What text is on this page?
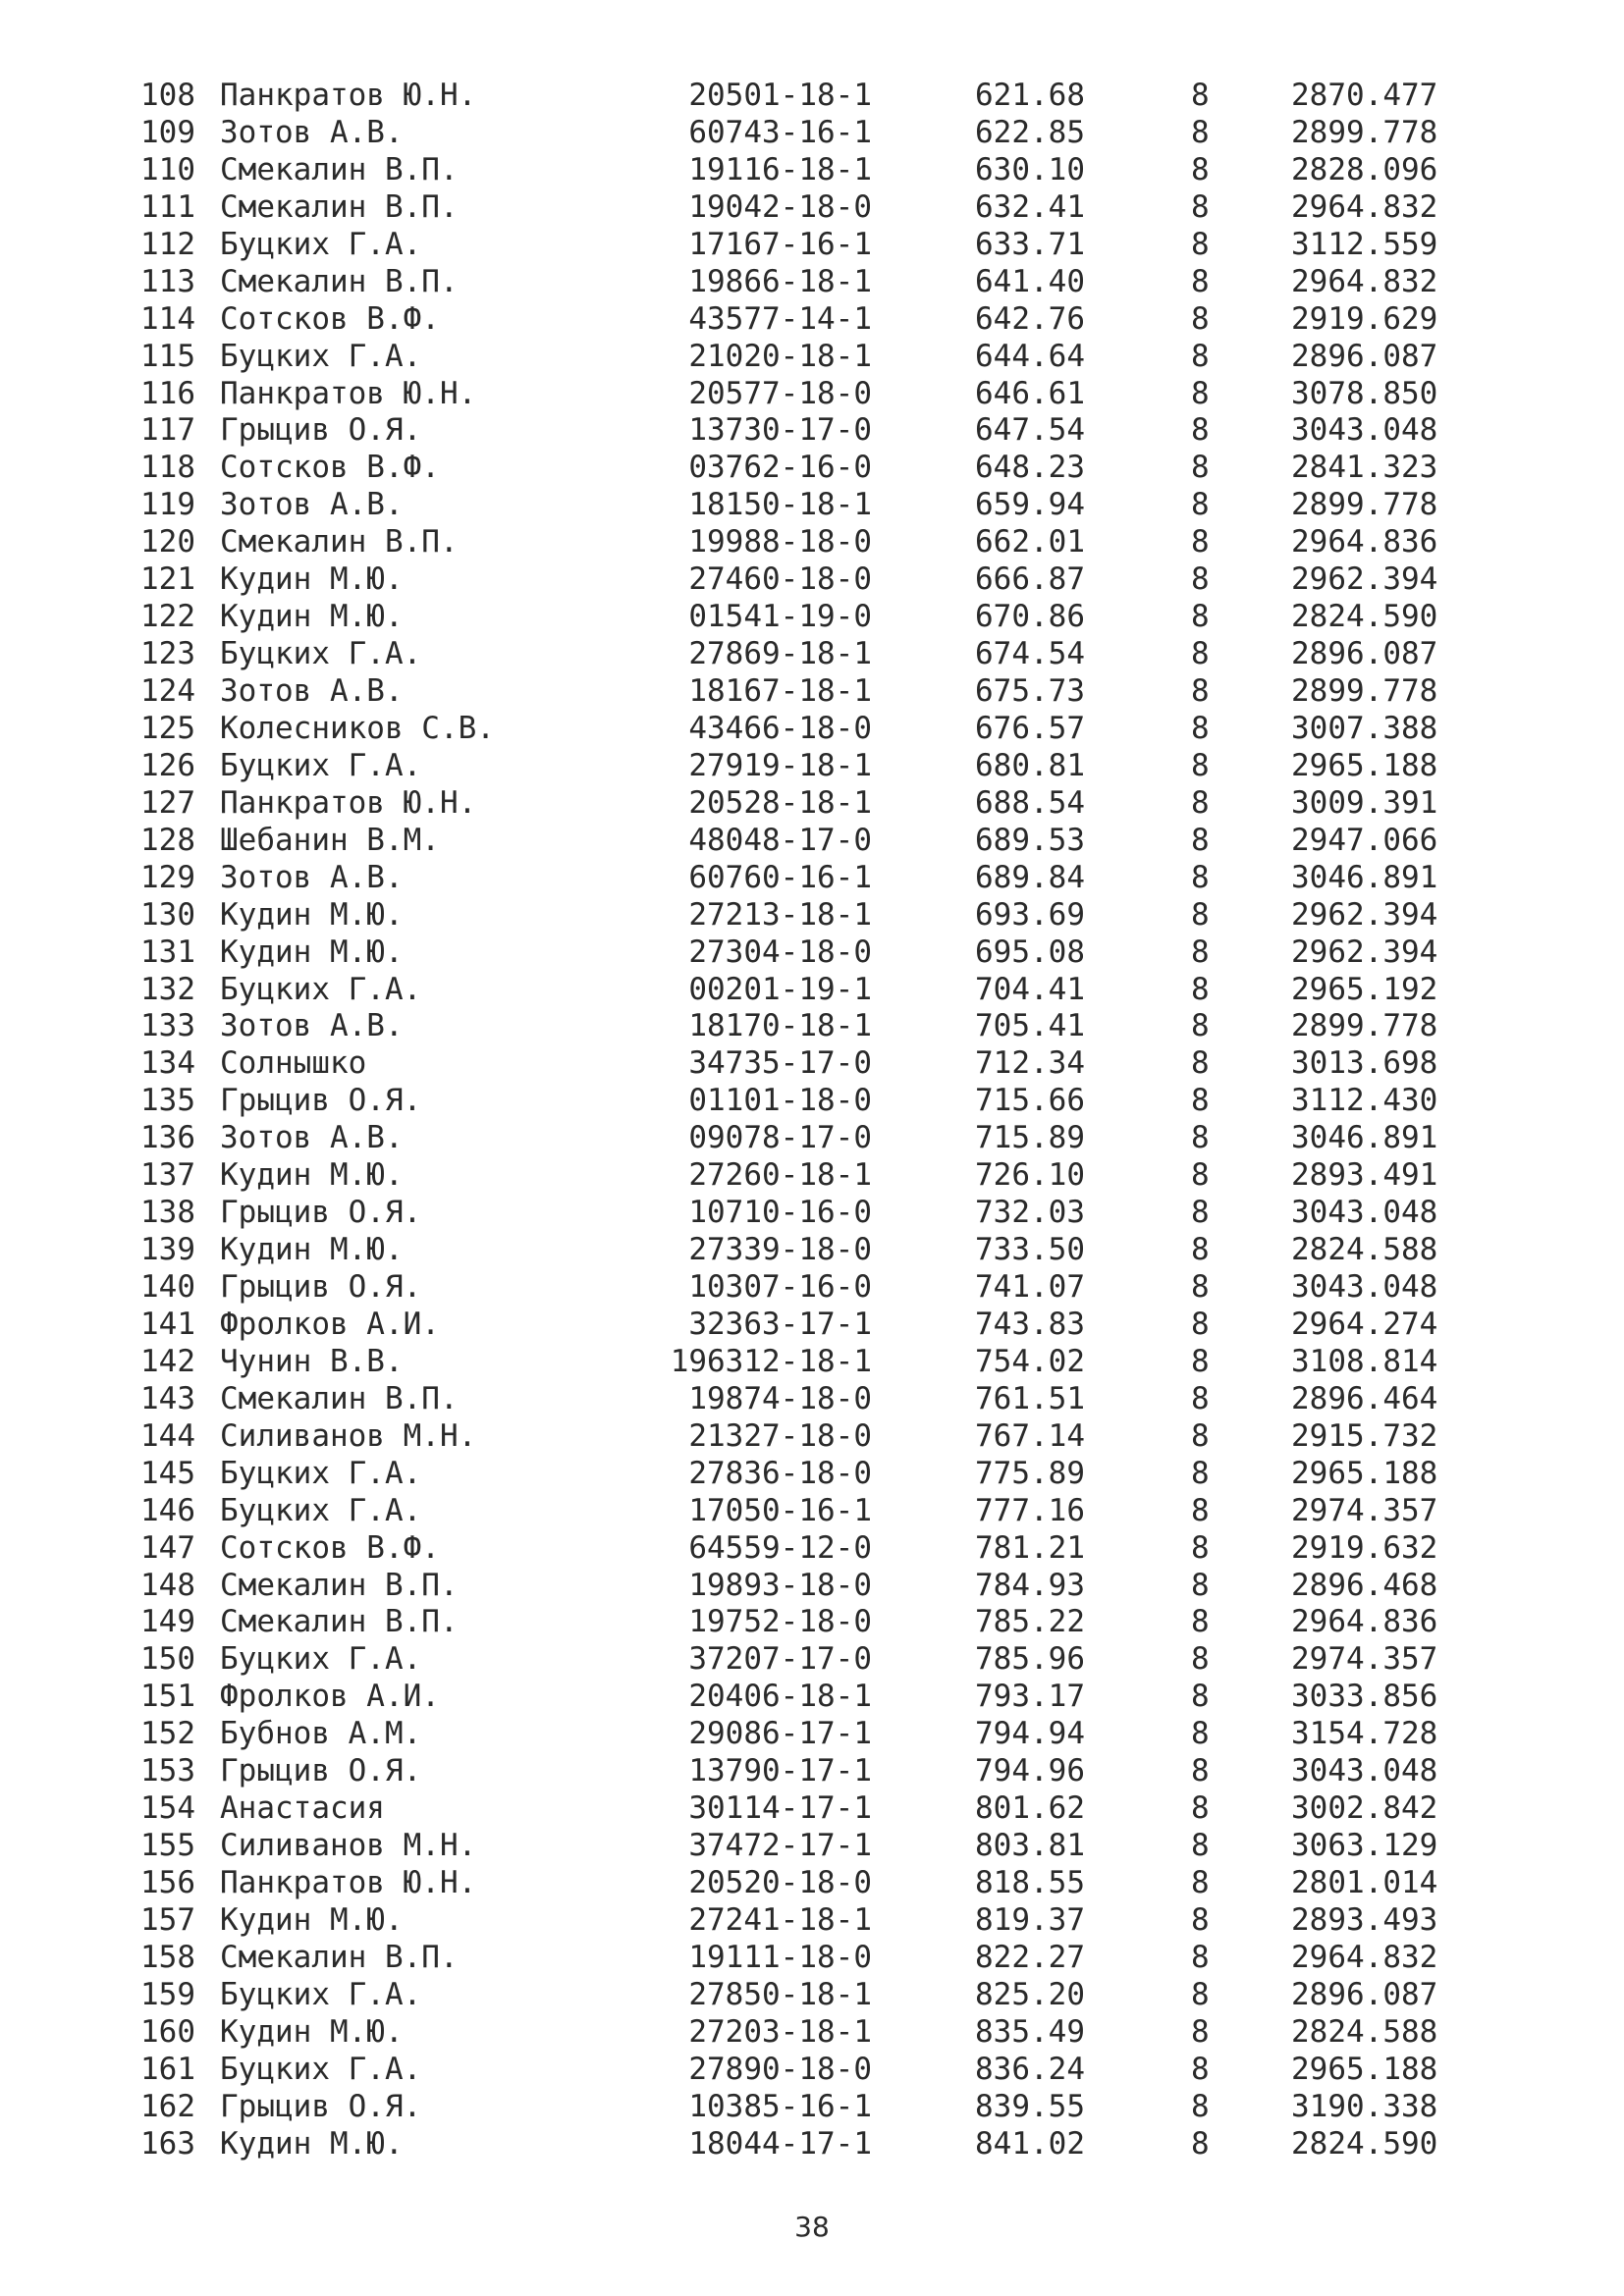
108 Панкратов Ю.Н.	20501-18-1	621.68	8	2870.477
109 Зотов А.В.	60743-16-1	622.85	8	2899.778
110 Смекалин В.П.	19116-18-1	630.10	8	2828.096
111 Смекалин В.П.	19042-18-0	632.41	8	2964.832
112 Буцких Г.А.	17167-16-1	633.71	8	3112.559
113 Смекалин В.П.	19866-18-1	641.40	8	2964.832
114 Сотсков В.Ф.	43577-14-1	642.76	8	2919.629
115 Буцких Г.А.	21020-18-1	644.64	8	2896.087
116 Панкратов Ю.Н.	20577-18-0	646.61	8	3078.850
117 Грыцив О.Я.	13730-17-0	647.54	8	3043.048
118 Сотсков В.Ф.	03762-16-0	648.23	8	2841.323
119 Зотов А.В.	18150-18-1	659.94	8	2899.778
120 Смекалин В.П.	19988-18-0	662.01	8	2964.836
121 Кудин М.Ю.	27460-18-0	666.87	8	2962.394
122 Кудин М.Ю.	01541-19-0	670.86	8	2824.590
123 Буцких Г.А.	27869-18-1	674.54	8	2896.087
124 Зотов А.В.	18167-18-1	675.73	8	2899.778
125 Колесников С.В.	43466-18-0	676.57	8	3007.388
126 Буцких Г.А.	27919-18-1	680.81	8	2965.188
127 Панкратов Ю.Н.	20528-18-1	688.54	8	3009.391
128 Шебанин В.М.	48048-17-0	689.53	8	2947.066
129 Зотов А.В.	60760-16-1	689.84	8	3046.891
130 Кудин М.Ю.	27213-18-1	693.69	8	2962.394
131 Кудин М.Ю.	27304-18-0	695.08	8	2962.394
132 Буцких Г.А.	00201-19-1	704.41	8	2965.192
133 Зотов А.В.	18170-18-1	705.41	8	2899.778
134 Солнышко	34735-17-0	712.34	8	3013.698
135 Грыцив О.Я.	01101-18-0	715.66	8	3112.430
136 Зотов А.В.	09078-17-0	715.89	8	3046.891
137 Кудин М.Ю.	27260-18-1	726.10	8	2893.491
138 Грыцив О.Я.	10710-16-0	732.03	8	3043.048
139 Кудин М.Ю.	27339-18-0	733.50	8	2824.588
140 Грыцив О.Я.	10307-16-0	741.07	8	3043.048
141 Фролков А.И.	32363-17-1	743.83	8	2964.274
142 Чунин В.В.	196312-18-1	754.02	8	3108.814
143 Смекалин В.П.	19874-18-0	761.51	8	2896.464
144 Силиванов М.Н.	21327-18-0	767.14	8	2915.732
145 Буцких Г.А.	27836-18-0	775.89	8	2965.188
146 Буцких Г.А.	17050-16-1	777.16	8	2974.357
147 Сотсков В.Ф.	64559-12-0	781.21	8	2919.632
148 Смекалин В.П.	19893-18-0	784.93	8	2896.468
149 Смекалин В.П.	19752-18-0	785.22	8	2964.836
150 Буцких Г.А.	37207-17-0	785.96	8	2974.357
151 Фролков А.И.	20406-18-1	793.17	8	3033.856
152 Бубнов А.М.	29086-17-1	794.94	8	3154.728
153 Грыцив О.Я.	13790-17-1	794.96	8	3043.048
154 Анастасия	30114-17-1	801.62	8	3002.842
155 Силиванов М.Н.	37472-17-1	803.81	8	3063.129
156 Панкратов Ю.Н.	20520-18-0	818.55	8	2801.014
157 Кудин М.Ю.	27241-18-1	819.37	8	2893.493
158 Смекалин В.П.	19111-18-0	822.27	8	2964.832
159 Буцких Г.А.	27850-18-1	825.20	8	2896.087
160 Кудин М.Ю.	27203-18-1	835.49	8	2824.588
161 Буцких Г.А.	27890-18-0	836.24	8	2965.188
162 Грыцив О.Я.	10385-16-1	839.55	8	3190.338
163 Кудин М.Ю.	18044-17-1	841.02	8	2824.590
38
